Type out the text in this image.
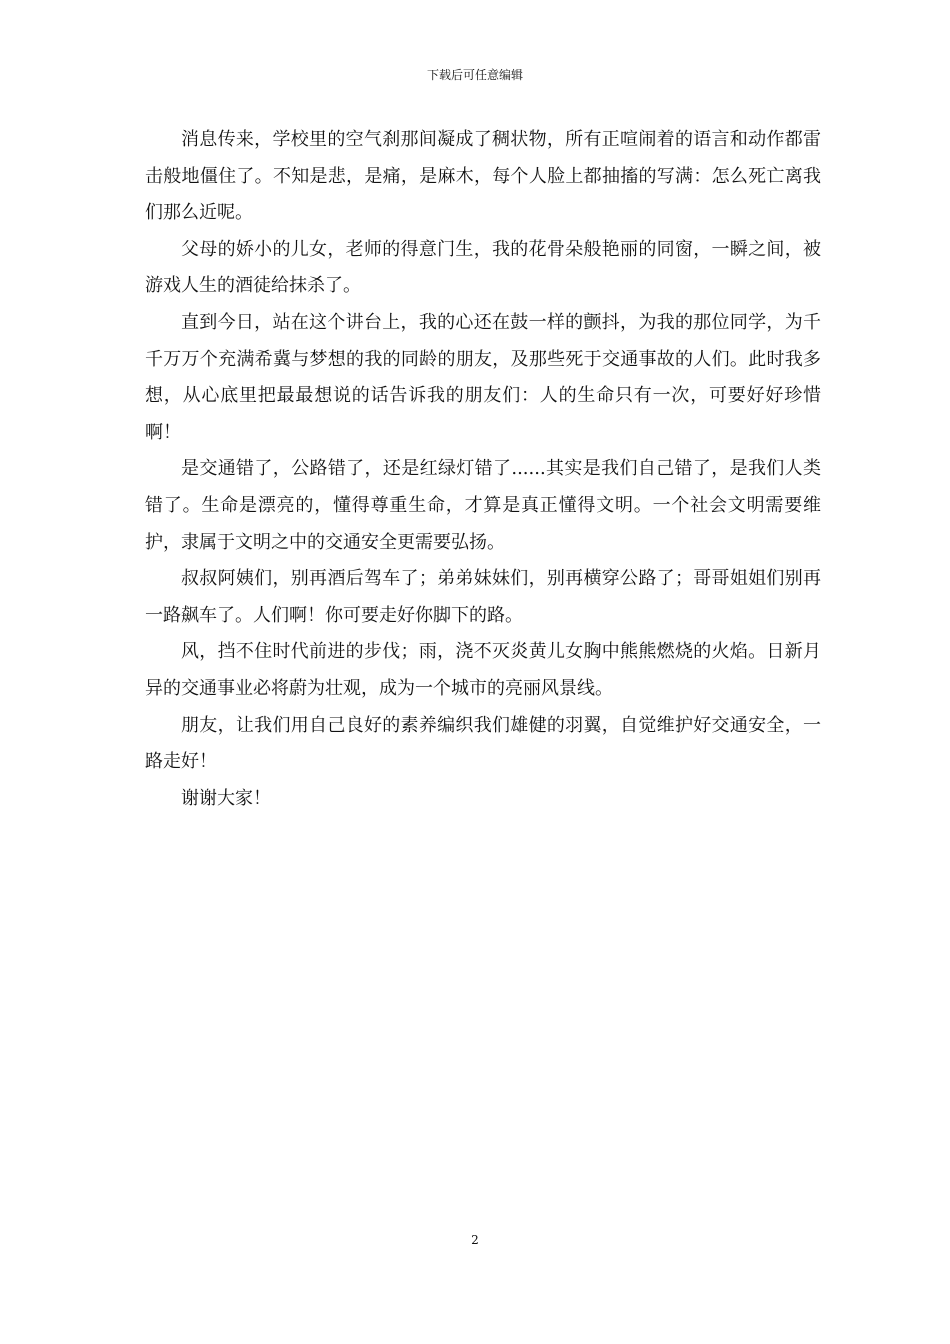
下载后可任意编辑

消息传来，学校里的空气刹那间凝成了稠状物，所有正喧闹着的语言和动作都雷击般地僵住了。不知是悲，是痛，是麻木，每个人脸上都抽搐的写满：怎么死亡离我们那么近呢。

父母的娇小的儿女，老师的得意门生，我的花骨朵般艳丽的同窗，一瞬之间，被游戏人生的酒徒给抹杀了。

直到今日，站在这个讲台上，我的心还在鼓一样的颤抖，为我的那位同学，为千千万万个充满希冀与梦想的我的同龄的朋友，及那些死于交通事故的人们。此时我多想，从心底里把最最想说的话告诉我的朋友们：人的生命只有一次，可要好好珍惜啊！

是交通错了，公路错了，还是红绿灯错了......其实是我们自己错了，是我们人类错了。生命是漂亮的，懂得尊重生命，才算是真正懂得文明。一个社会文明需要维护，隶属于文明之中的交通安全更需要弘扬。

叔叔阿姨们，别再酒后驾车了；弟弟妹妹们，别再横穿公路了；哥哥姐姐们别再一路飙车了。人们啊！你可要走好你脚下的路。

风，挡不住时代前进的步伐；雨，浇不灭炎黄儿女胸中熊熊燃烧的火焰。日新月异的交通事业必将蔚为壮观，成为一个城市的亮丽风景线。

朋友，让我们用自己良好的素养编织我们雄健的羽翼，自觉维护好交通安全，一路走好！

谢谢大家！

2
